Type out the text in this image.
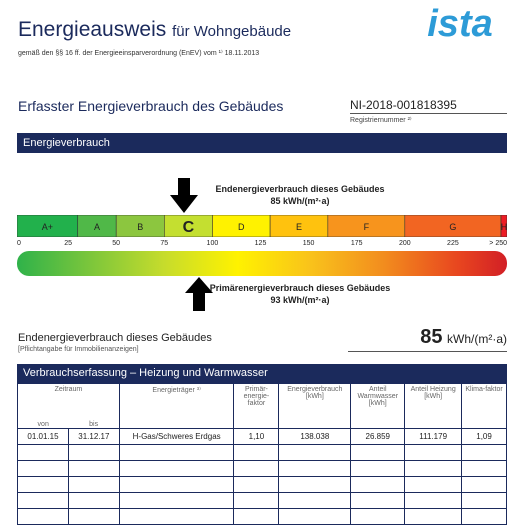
Energieausweis für Wohngebäude
gemäß den §§ 16 ff. der Energieeinsparverordnung (EnEV) vom ¹⁾ 18.11.2013
ista
Erfasster Energieverbrauch des Gebäudes	NI-2018-001818395
Registriernummer ²⁾
Energieverbrauch
Endenergieverbrauch dieses Gebäudes
85 kWh/(m²·a)
A+	A	B C	D	E	F	G	H
0	25	50	75	100	125	150	175	200	225	> 250
Primärenergieverbrauch dieses Gebäudes
93 kWh/(m²·a)
Endenergieverbrauch dieses Gebäudes
[Pflichtangabe für Immobilienanzeigen]
85 kWh/(m²·a)
Verbrauchserfassung – Heizung und Warmwasser
Zeitraum
von bis		Energieträger ³⁾	Primär-energie-faktor	Energieverbrauch [kWh]	Anteil Warmwasser [kWh]	Anteil Heizung [kWh]	Klima-faktor
01.01.15	31.12.17	H-Gas/Schweres Erdgas	1,10	138.038	26.859	111.179	1,09
